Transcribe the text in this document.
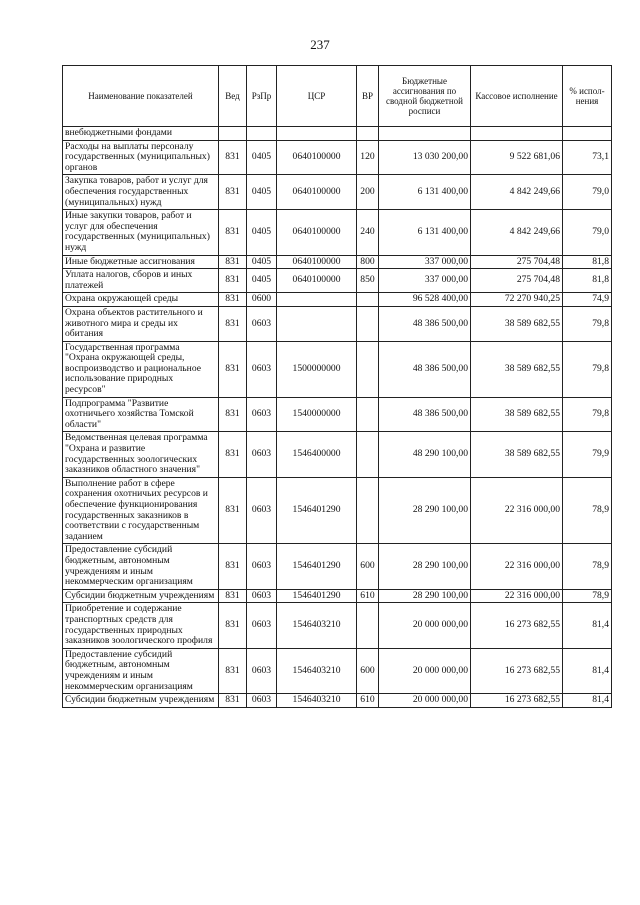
237
Наименование показателей	Вед	РзПр	ЦСР	ВР	Бюджетные ассигнования по сводной бюджетной росписи	Кассовое исполнение	% испол-нения
внебюджетными фондами							
Расходы на выплаты персоналу государственных (муниципальных) органов	831	0405	0640100000	120	13 030 200,00	9 522 681,06	73,1
Закупка товаров, работ и услуг для обеспечения государственных (муниципальных) нужд	831	0405	0640100000	200	6 131 400,00	4 842 249,66	79,0
Иные закупки товаров, работ и услуг для обеспечения государственных (муниципальных) нужд	831	0405	0640100000	240	6 131 400,00	4 842 249,66	79,0
Иные бюджетные ассигнования	831	0405	0640100000	800	337 000,00	275 704,48	81,8
Уплата налогов, сборов и иных платежей	831	0405	0640100000	850	337 000,00	275 704,48	81,8
Охрана окружающей среды	831	0600			96 528 400,00	72 270 940,25	74,9
Охрана объектов растительного и животного мира и среды их обитания	831	0603			48 386 500,00	38 589 682,55	79,8
Государственная программа "Охрана окружающей среды, воспроизводство и рациональное использование природных ресурсов"	831	0603	1500000000		48 386 500,00	38 589 682,55	79,8
Подпрограмма "Развитие охотничьего хозяйства Томской области"	831	0603	1540000000		48 386 500,00	38 589 682,55	79,8
Ведомственная целевая программа "Охрана и развитие государственных зоологических заказников областного значения"	831	0603	1546400000		48 290 100,00	38 589 682,55	79,9
Выполнение работ в сфере сохранения охотничьих ресурсов и обеспечение функционирования государственных заказников в соответствии с государственным заданием	831	0603	1546401290		28 290 100,00	22 316 000,00	78,9
Предоставление субсидий бюджетным, автономным учреждениям и иным некоммерческим организациям	831	0603	1546401290	600	28 290 100,00	22 316 000,00	78,9
Субсидии бюджетным учреждениям	831	0603	1546401290	610	28 290 100,00	22 316 000,00	78,9
Приобретение и содержание транспортных средств для государственных природных заказников зоологического профиля	831	0603	1546403210		20 000 000,00	16 273 682,55	81,4
Предоставление субсидий бюджетным, автономным учреждениям и иным некоммерческим организациям	831	0603	1546403210	600	20 000 000,00	16 273 682,55	81,4
Субсидии бюджетным учреждениям	831	0603	1546403210	610	20 000 000,00	16 273 682,55	81,4
